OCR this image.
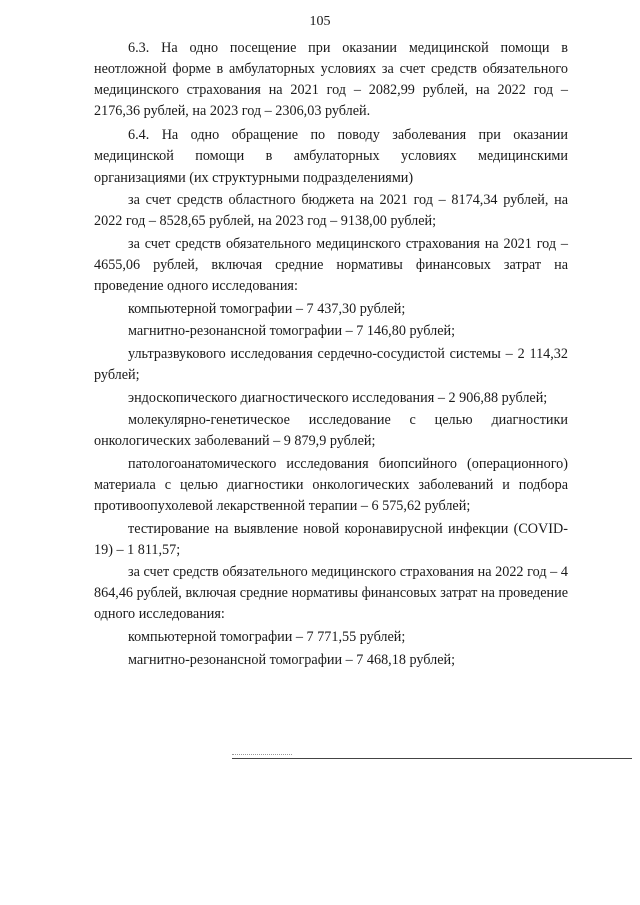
105

6.3. На одно посещение при оказании медицинской помощи в неотложной форме в амбулаторных условиях за счет средств обязательного медицинского страхования на 2021 год – 2082,99 рублей, на 2022 год – 2176,36 рублей, на 2023 год – 2306,03 рублей.

6.4. На одно обращение по поводу заболевания при оказании медицинской помощи в амбулаторных условиях медицинскими организациями (их структурными подразделениями)

за счет средств областного бюджета на 2021 год – 8174,34 рублей, на 2022 год – 8528,65 рублей, на 2023 год – 9138,00 рублей;

за счет средств обязательного медицинского страхования на 2021 год – 4655,06 рублей, включая средние нормативы финансовых затрат на проведение одного исследования:

компьютерной томографии – 7 437,30 рублей;

магнитно-резонансной томографии – 7 146,80 рублей;

ультразвукового исследования сердечно-сосудистой системы – 2 114,32 рублей;

эндоскопического диагностического исследования – 2 906,88 рублей;

молекулярно-генетическое исследование с целью диагностики онкологических заболеваний – 9 879,9 рублей;

патологоанатомического исследования биопсийного (операционного) материала с целью диагностики онкологических заболеваний и подбора противоопухолевой лекарственной терапии – 6 575,62 рублей;

тестирование на выявление новой коронавирусной инфекции (COVID-19) – 1 811,57;

за счет средств обязательного медицинского страхования на 2022 год – 4 864,46 рублей, включая средние нормативы финансовых затрат на проведение одного исследования:

компьютерной томографии – 7 771,55 рублей;

магнитно-резонансной томографии – 7 468,18 рублей;
